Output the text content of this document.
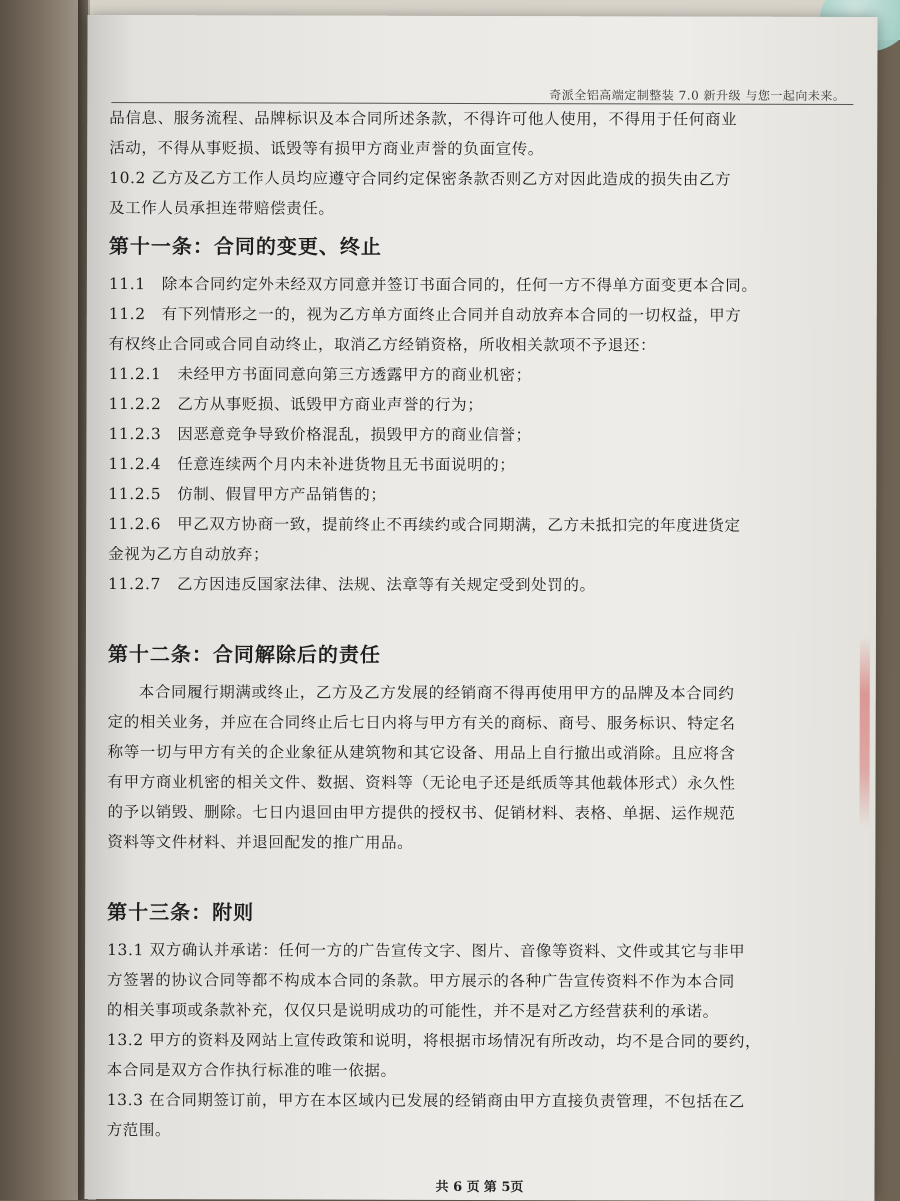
奇派全铝高端定制整装 7.0 新升级 与您一起向未来。

品信息、服务流程、品牌标识及本合同所述条款，不得许可他人使用，不得用于任何商业

活动，不得从事贬损、诋毁等有损甲方商业声誉的负面宣传。

10.2 乙方及乙方工作人员均应遵守合同约定保密条款否则乙方对因此造成的损失由乙方

及工作人员承担连带赔偿责任。

第十一条：合同的变更、终止

11.1 除本合同约定外未经双方同意并签订书面合同的，任何一方不得单方面变更本合同。

11.2 有下列情形之一的，视为乙方单方面终止合同并自动放弃本合同的一切权益，甲方

有权终止合同或合同自动终止，取消乙方经销资格，所收相关款项不予退还：

11.2.1 未经甲方书面同意向第三方透露甲方的商业机密；

11.2.2 乙方从事贬损、诋毁甲方商业声誉的行为；

11.2.3 因恶意竞争导致价格混乱，损毁甲方的商业信誉；

11.2.4 任意连续两个月内未补进货物且无书面说明的；

11.2.5 仿制、假冒甲方产品销售的；

11.2.6 甲乙双方协商一致，提前终止不再续约或合同期满，乙方未抵扣完的年度进货定

金视为乙方自动放弃；

11.2.7 乙方因违反国家法律、法规、法章等有关规定受到处罚的。

第十二条：合同解除后的责任

本合同履行期满或终止，乙方及乙方发展的经销商不得再使用甲方的品牌及本合同约

定的相关业务，并应在合同终止后七日内将与甲方有关的商标、商号、服务标识、特定名

称等一切与甲方有关的企业象征从建筑物和其它设备、用品上自行撤出或消除。且应将含

有甲方商业机密的相关文件、数据、资料等（无论电子还是纸质等其他载体形式）永久性

的予以销毁、删除。七日内退回由甲方提供的授权书、促销材料、表格、单据、运作规范

资料等文件材料、并退回配发的推广用品。

第十三条：附则

13.1 双方确认并承诺：任何一方的广告宣传文字、图片、音像等资料、文件或其它与非甲

方签署的协议合同等都不构成本合同的条款。甲方展示的各种广告宣传资料不作为本合同

的相关事项或条款补充，仅仅只是说明成功的可能性，并不是对乙方经营获利的承诺。

13.2 甲方的资料及网站上宣传政策和说明，将根据市场情况有所改动，均不是合同的要约，

本合同是双方合作执行标准的唯一依据。

13.3 在合同期签订前，甲方在本区域内已发展的经销商由甲方直接负责管理，不包括在乙

方范围。

共 6 页 第 5页
